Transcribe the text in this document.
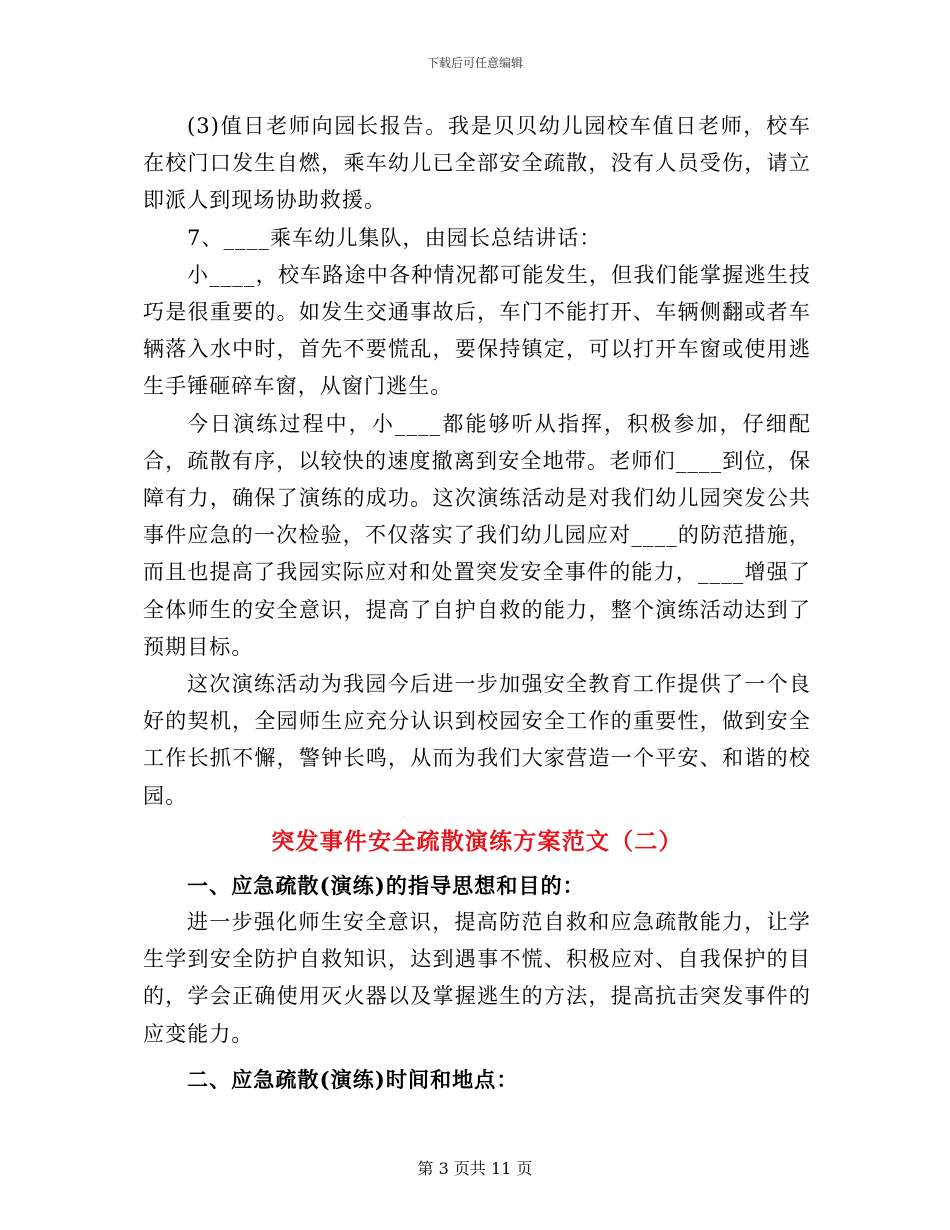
下载后可任意编辑

(3)值日老师向园长报告。我是贝贝幼儿园校车值日老师，校车在校门口发生自燃，乘车幼儿已全部安全疏散，没有人员受伤，请立即派人到现场协助救援。

7、____乘车幼儿集队，由园长总结讲话：

小____，校车路途中各种情况都可能发生，但我们能掌握逃生技巧是很重要的。如发生交通事故后，车门不能打开、车辆侧翻或者车辆落入水中时，首先不要慌乱，要保持镇定，可以打开车窗或使用逃生手锤砸碎车窗，从窗门逃生。

今日演练过程中，小____都能够听从指挥，积极参加，仔细配合，疏散有序，以较快的速度撤离到安全地带。老师们____到位，保障有力，确保了演练的成功。这次演练活动是对我们幼儿园突发公共事件应急的一次检验，不仅落实了我们幼儿园应对____的防范措施，而且也提高了我园实际应对和处置突发安全事件的能力，____增强了全体师生的安全意识，提高了自护自救的能力，整个演练活动达到了预期目标。

这次演练活动为我园今后进一步加强安全教育工作提供了一个良好的契机，全园师生应充分认识到校园安全工作的重要性，做到安全工作长抓不懈，警钟长鸣，从而为我们大家营造一个平安、和谐的校园。

突发事件安全疏散演练方案范文（二）

一、应急疏散(演练)的指导思想和目的：

进一步强化师生安全意识，提高防范自救和应急疏散能力，让学生学到安全防护自救知识，达到遇事不慌、积极应对、自我保护的目的，学会正确使用灭火器以及掌握逃生的方法，提高抗击突发事件的应变能力。

二、应急疏散(演练)时间和地点：

第 3 页共 11 页
